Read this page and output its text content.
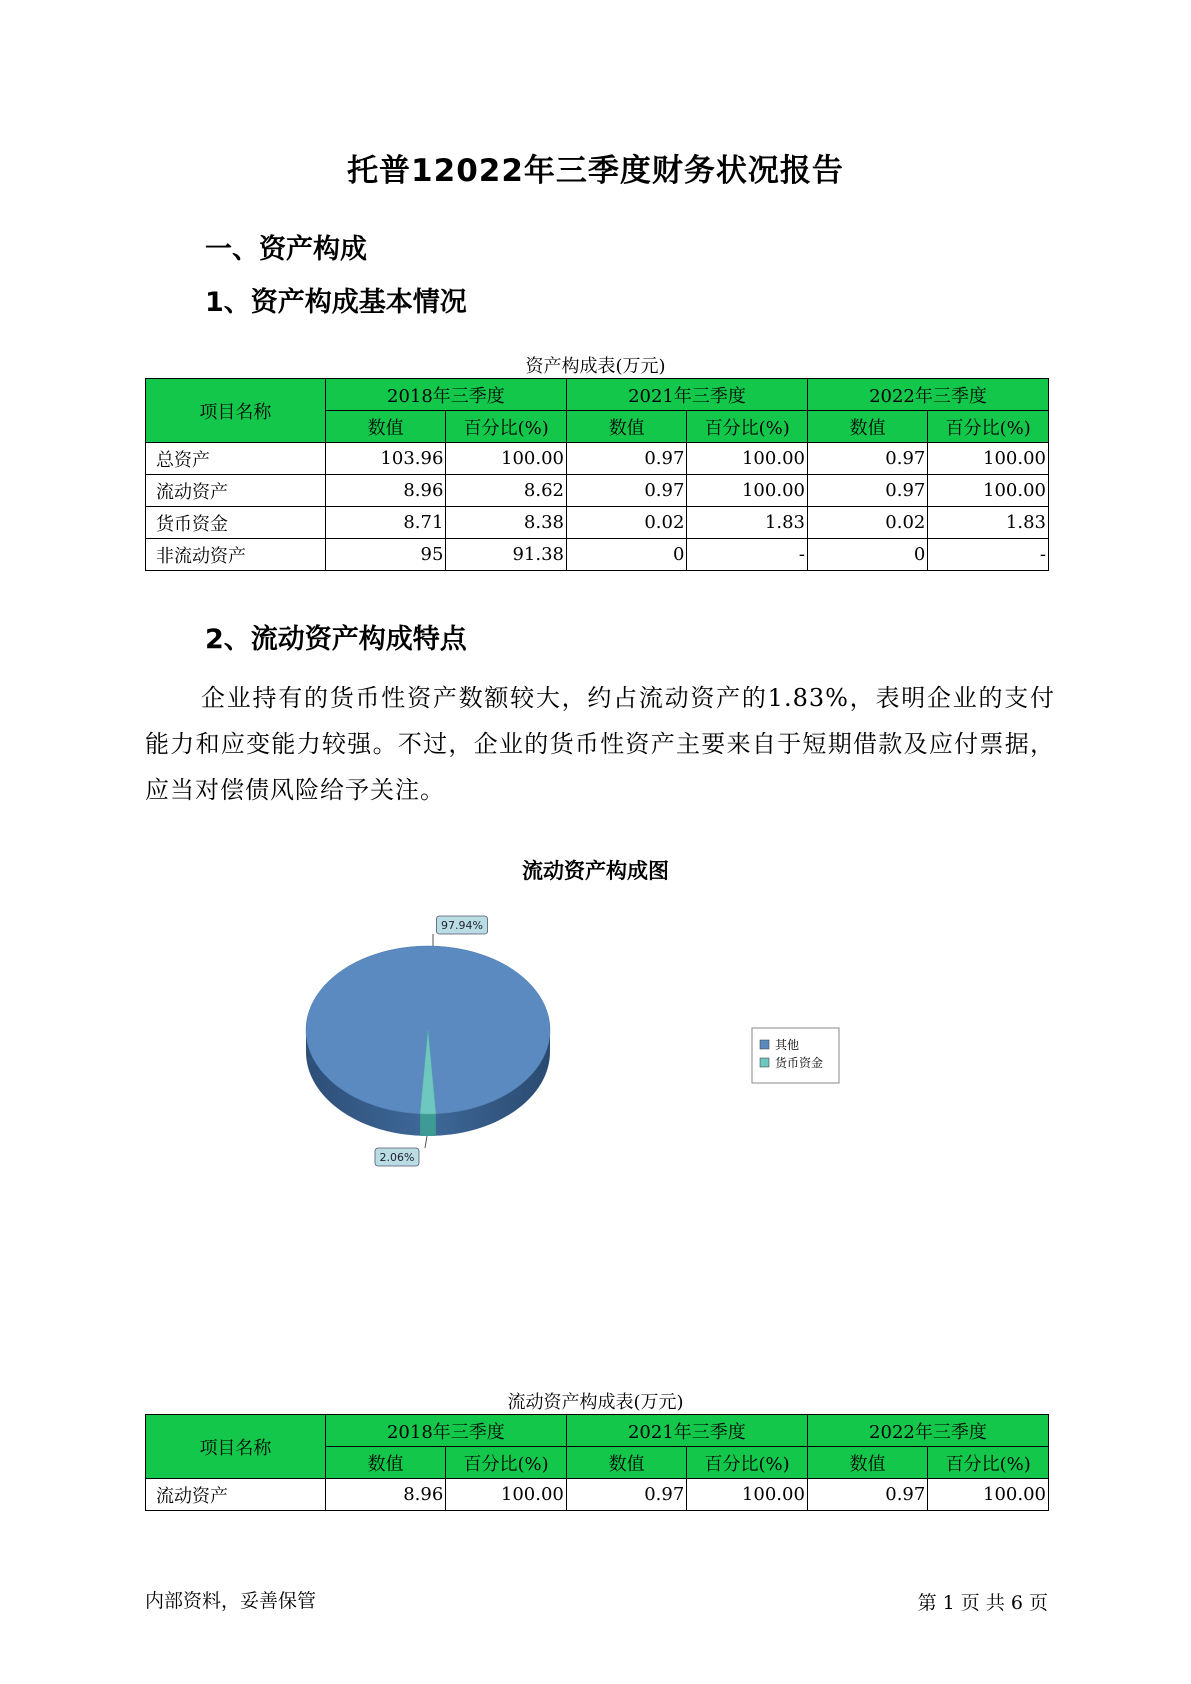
托普12022年三季度财务状况报告
一、资产构成
1、资产构成基本情况
资产构成表(万元)
项目名称	2018年三季度		2021年三季度		2022年三季度	
	数值	百分比(%)	数值	百分比(%)	数值	百分比(%)
总资产	103.96	100.00	0.97	100.00	0.97	100.00
流动资产	8.96	8.62	0.97	100.00	0.97	100.00
货币资金	8.71	8.38	0.02	1.83	0.02	1.83
非流动资产	95	91.38	0	-	0	-
2、流动资产构成特点
企业持有的货币性资产数额较大，约占流动资产的1.83%，表明企业的支付能力和应变能力较强。不过，企业的货币性资产主要来自于短期借款及应付票据，应当对偿债风险给予关注。
流动资产构成图
97.94%
2.06%
其他
货币资金
流动资产构成表(万元)
项目名称	2018年三季度		2021年三季度		2022年三季度	
	数值	百分比(%)	数值	百分比(%)	数值	百分比(%)
流动资产	8.96	100.00	0.97	100.00	0.97	100.00
内部资料，妥善保管	第 1 页 共 6 页
